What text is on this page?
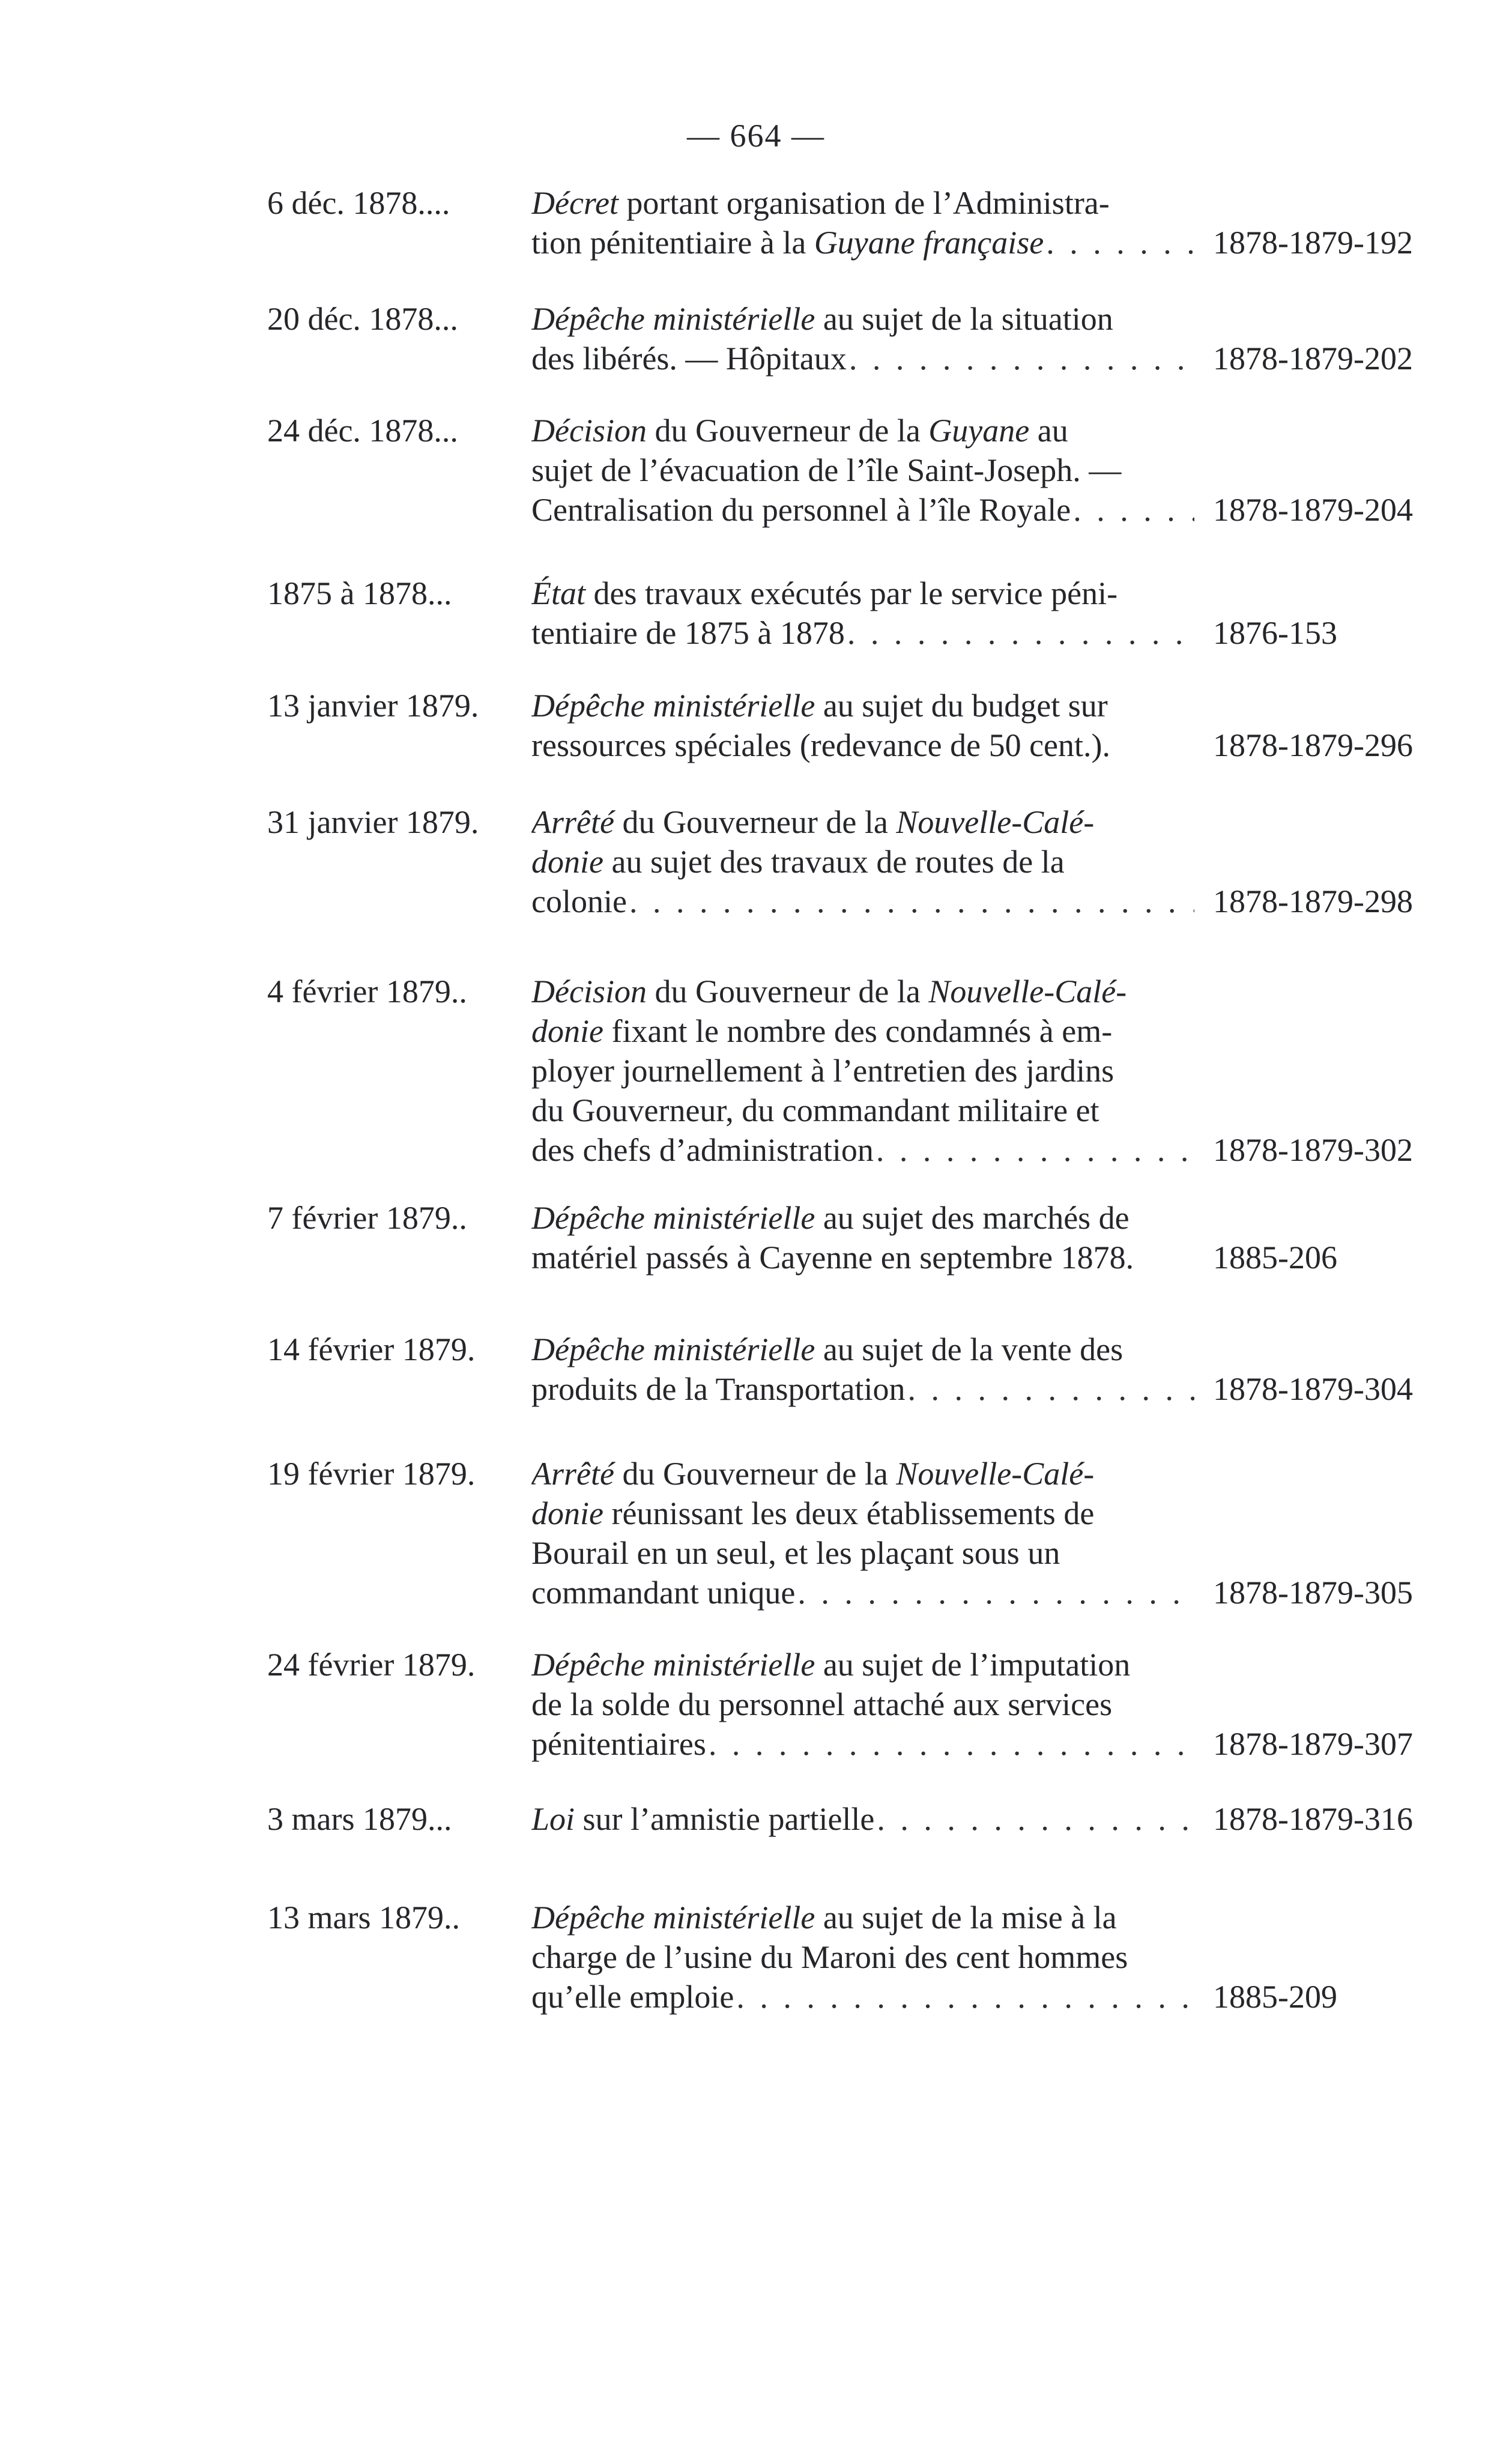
— 664 —
6 déc. 1878....	Décret portant organisation de l’Administra-
tion pénitentiaire à la Guyane française . . .	1878-1879-192
20 déc. 1878...	Dépêche ministérielle au sujet de la situation
des libérés. — Hôpitaux . . .	1878-1879-202
24 déc. 1878...	Décision du Gouverneur de la Guyane au
sujet de l’évacuation de l’île Saint-Joseph. —
Centralisation du personnel à l’île Royale . . .	1878-1879-204
1875 à 1878...	État des travaux exécutés par le service péni-
tentiaire de 1875 à 1878 . . .	1876-153
13 janvier 1879.	Dépêche ministérielle au sujet du budget sur
ressources spéciales (redevance de 50 cent.).	1878-1879-296
31 janvier 1879.	Arrêté du Gouverneur de la Nouvelle-Calé-
donie au sujet des travaux de routes de la
colonie . . .	1878-1879-298
4 février 1879..	Décision du Gouverneur de la Nouvelle-Calé-
donie fixant le nombre des condamnés à em-
ployer journellement à l’entretien des jardins
du Gouverneur, du commandant militaire et
des chefs d’administration . . .	1878-1879-302
7 février 1879..	Dépêche ministérielle au sujet des marchés de
matériel passés à Cayenne en septembre 1878.	1885-206
14 février 1879.	Dépêche ministérielle au sujet de la vente des
produits de la Transportation . . .	1878-1879-304
19 février 1879.	Arrêté du Gouverneur de la Nouvelle-Calé-
donie réunissant les deux établissements de
Bourail en un seul, et les plaçant sous un
commandant unique . . .	1878-1879-305
24 février 1879.	Dépêche ministérielle au sujet de l’imputation
de la solde du personnel attaché aux services
pénitentiaires . . .	1878-1879-307
3 mars 1879...	Loi sur l’amnistie partielle . . .	1878-1879-316
13 mars 1879..	Dépêche ministérielle au sujet de la mise à la
charge de l’usine du Maroni des cent hommes
qu’elle emploie . . .	1885-209
